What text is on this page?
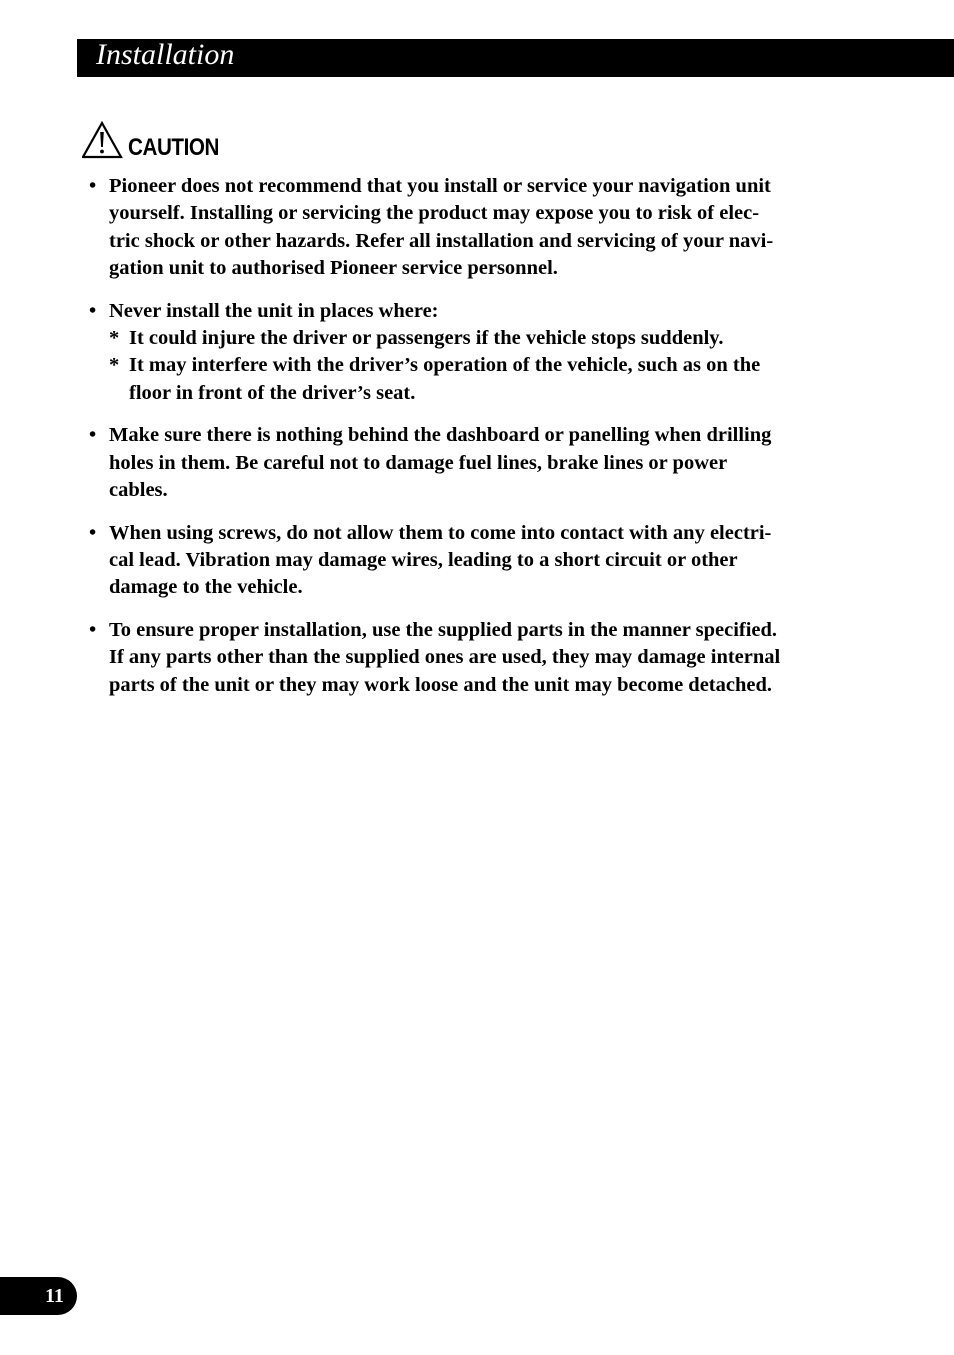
Installation
CAUTION
• Pioneer does not recommend that you install or service your navigation unit
yourself. Installing or servicing the product may expose you to risk of elec-
tric shock or other hazards. Refer all installation and servicing of your navi-
gation unit to authorised Pioneer service personnel.
• Never install the unit in places where:
* It could injure the driver or passengers if the vehicle stops suddenly.
* It may interfere with the driver’s operation of the vehicle, such as on the
floor in front of the driver’s seat.
• Make sure there is nothing behind the dashboard or panelling when drilling
holes in them. Be careful not to damage fuel lines, brake lines or power
cables.
• When using screws, do not allow them to come into contact with any electri-
cal lead. Vibration may damage wires, leading to a short circuit or other
damage to the vehicle.
• To ensure proper installation, use the supplied parts in the manner specified.
If any parts other than the supplied ones are used, they may damage internal
parts of the unit or they may work loose and the unit may become detached.
11
